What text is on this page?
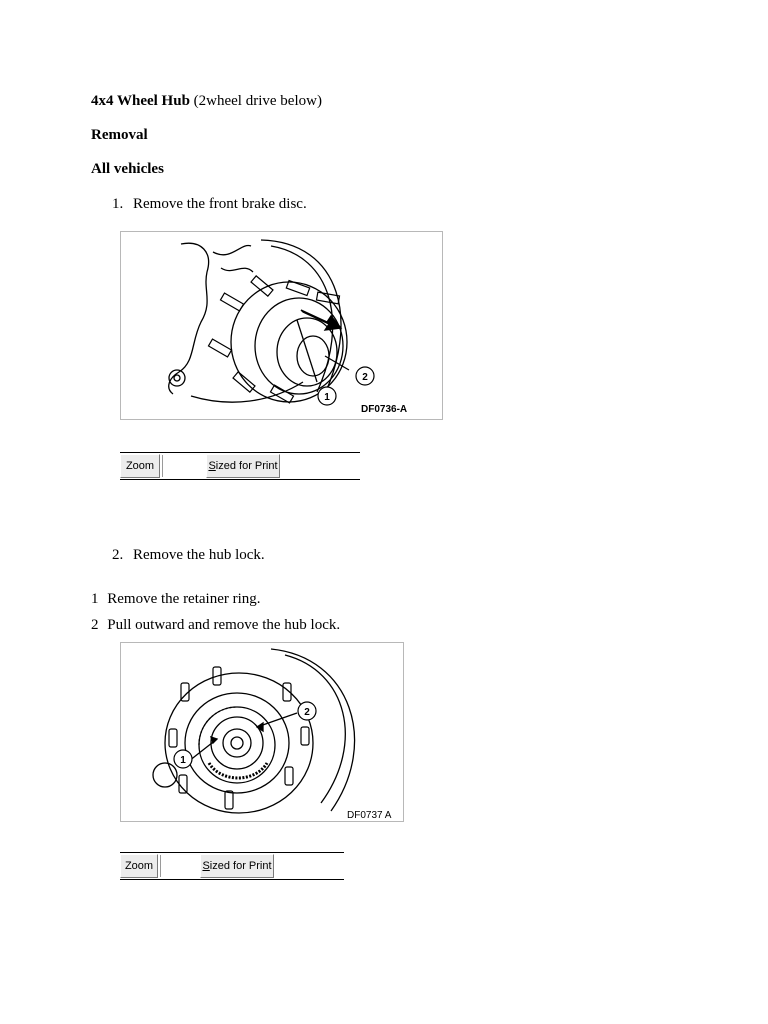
4x4 Wheel Hub (2wheel drive below)
Removal
All vehicles
1. Remove the front brake disc.
1
2
DF0736-A
Zoom	Sized for Print
2. Remove the hub lock.
1 Remove the retainer ring.
2 Pull outward and remove the hub lock.
1
2
DF0737 A
Zoom	Sized for Print
